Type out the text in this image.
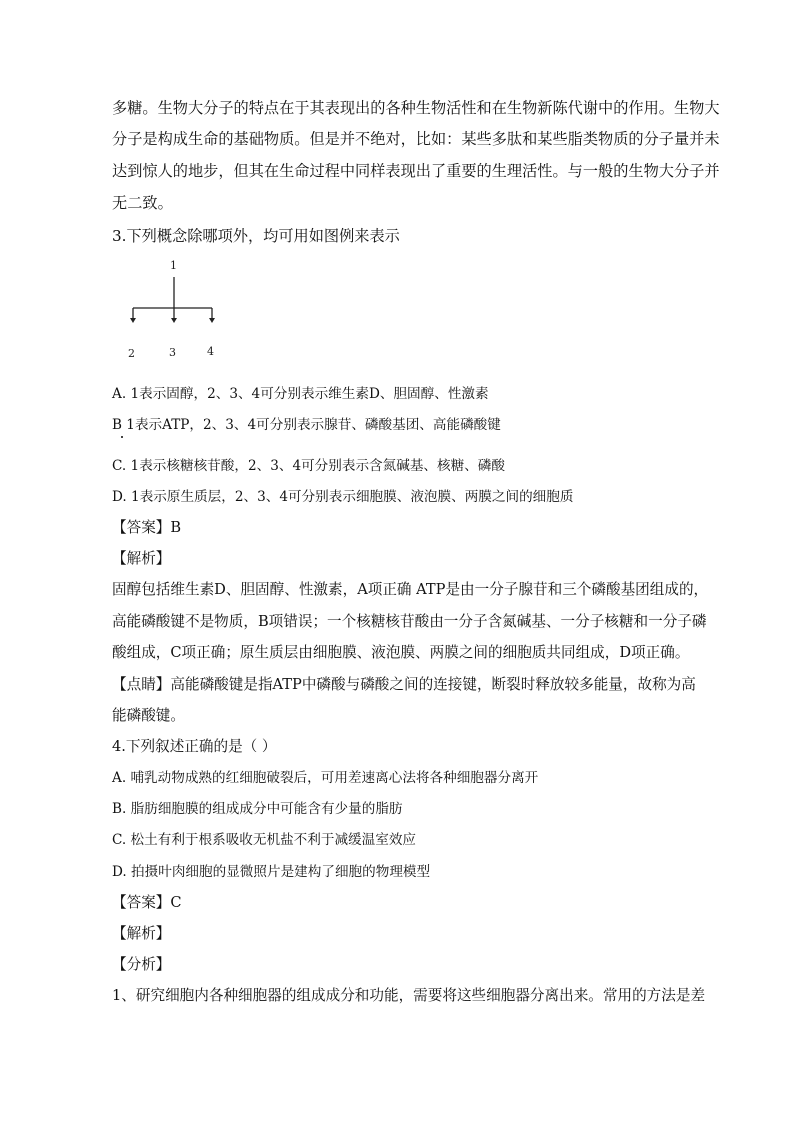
多糖。生物大分子的特点在于其表现出的各种生物活性和在生物新陈代谢中的作用。生物大
分子是构成生命的基础物质。但是并不绝对，比如：某些多肽和某些脂类物质的分子量并未
达到惊人的地步，但其在生命过程中同样表现出了重要的生理活性。与一般的生物大分子并
无二致。
3.下列概念除哪项外，均可用如图例来表示
1
2	3	4
A. 1表示固醇，2、3、4可分别表示维生素D、胆固醇、性激素
B 1表示ATP，2、3、4可分别表示腺苷、磷酸基团、高能磷酸键
C. 1表示核糖核苷酸，2、3、4可分别表示含氮碱基、核糖、磷酸
D. 1表示原生质层，2、3、4可分别表示细胞膜、液泡膜、两膜之间的细胞质
【答案】B
【解析】
固醇包括维生素D、胆固醇、性激素，A项正确 ATP是由一分子腺苷和三个磷酸基团组成的，
高能磷酸键不是物质，B项错误；一个核糖核苷酸由一分子含氮碱基、一分子核糖和一分子磷
酸组成，C项正确；原生质层由细胞膜、液泡膜、两膜之间的细胞质共同组成，D项正确。
【点睛】高能磷酸键是指ATP中磷酸与磷酸之间的连接键，断裂时释放较多能量，故称为高
能磷酸键。
4.下列叙述正确的是（ ）
A. 哺乳动物成熟的红细胞破裂后，可用差速离心法将各种细胞器分离开
B. 脂肪细胞膜的组成成分中可能含有少量的脂肪
C. 松土有利于根系吸收无机盐不利于减缓温室效应
D. 拍摄叶肉细胞的显微照片是建构了细胞的物理模型
【答案】C
【解析】
【分析】
1、研究细胞内各种细胞器的组成成分和功能，需要将这些细胞器分离出来。常用的方法是差
